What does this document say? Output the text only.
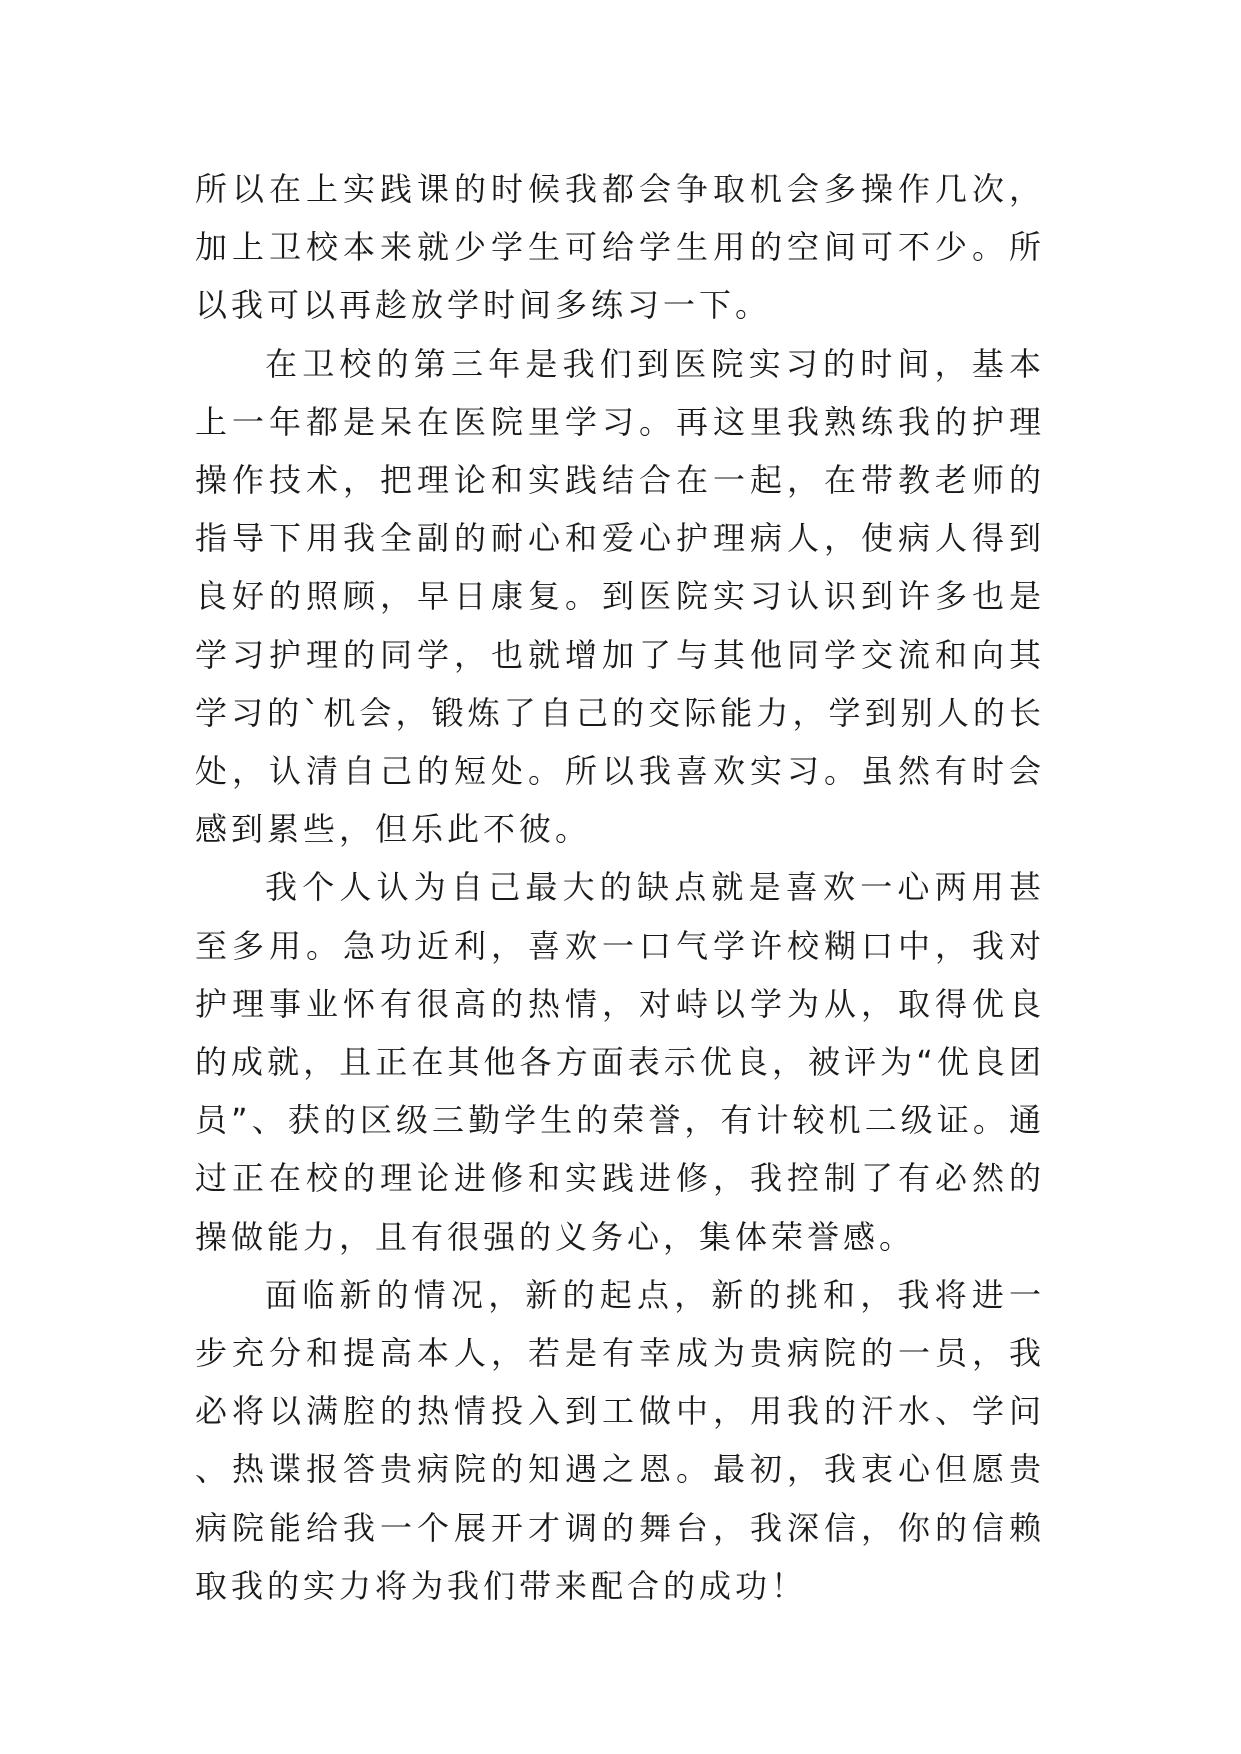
所以在上实践课的时候我都会争取机会多操作几次，加上卫校本来就少学生可给学生用的空间可不少。所以我可以再趁放学时间多练习一下。

在卫校的第三年是我们到医院实习的时间，基本上一年都是呆在医院里学习。再这里我熟练我的护理操作技术，把理论和实践结合在一起，在带教老师的指导下用我全副的耐心和爱心护理病人，使病人得到良好的照顾，早日康复。到医院实习认识到许多也是学习护理的同学，也就增加了与其他同学交流和向其学习的`机会，锻炼了自己的交际能力，学到别人的长处，认清自己的短处。所以我喜欢实习。虽然有时会感到累些，但乐此不彼。

我个人认为自己最大的缺点就是喜欢一心两用甚至多用。急功近利，喜欢一口气学许校糊口中，我对护理事业怀有很高的热情，对峙以学为从，取得优良的成就，且正在其他各方面表示优良，被评为“优良团员”、获的区级三勤学生的荣誉，有计较机二级证。通过正在校的理论进修和实践进修，我控制了有必然的操做能力，且有很强的义务心，集体荣誉感。

面临新的情况，新的起点，新的挑和，我将进一步充分和提高本人，若是有幸成为贵病院的一员，我必将以满腔的热情投入到工做中，用我的汗水、学问、热谍报答贵病院的知遇之恩。最初，我衷心但愿贵病院能给我一个展开才调的舞台，我深信，你的信赖取我的实力将为我们带来配合的成功！
